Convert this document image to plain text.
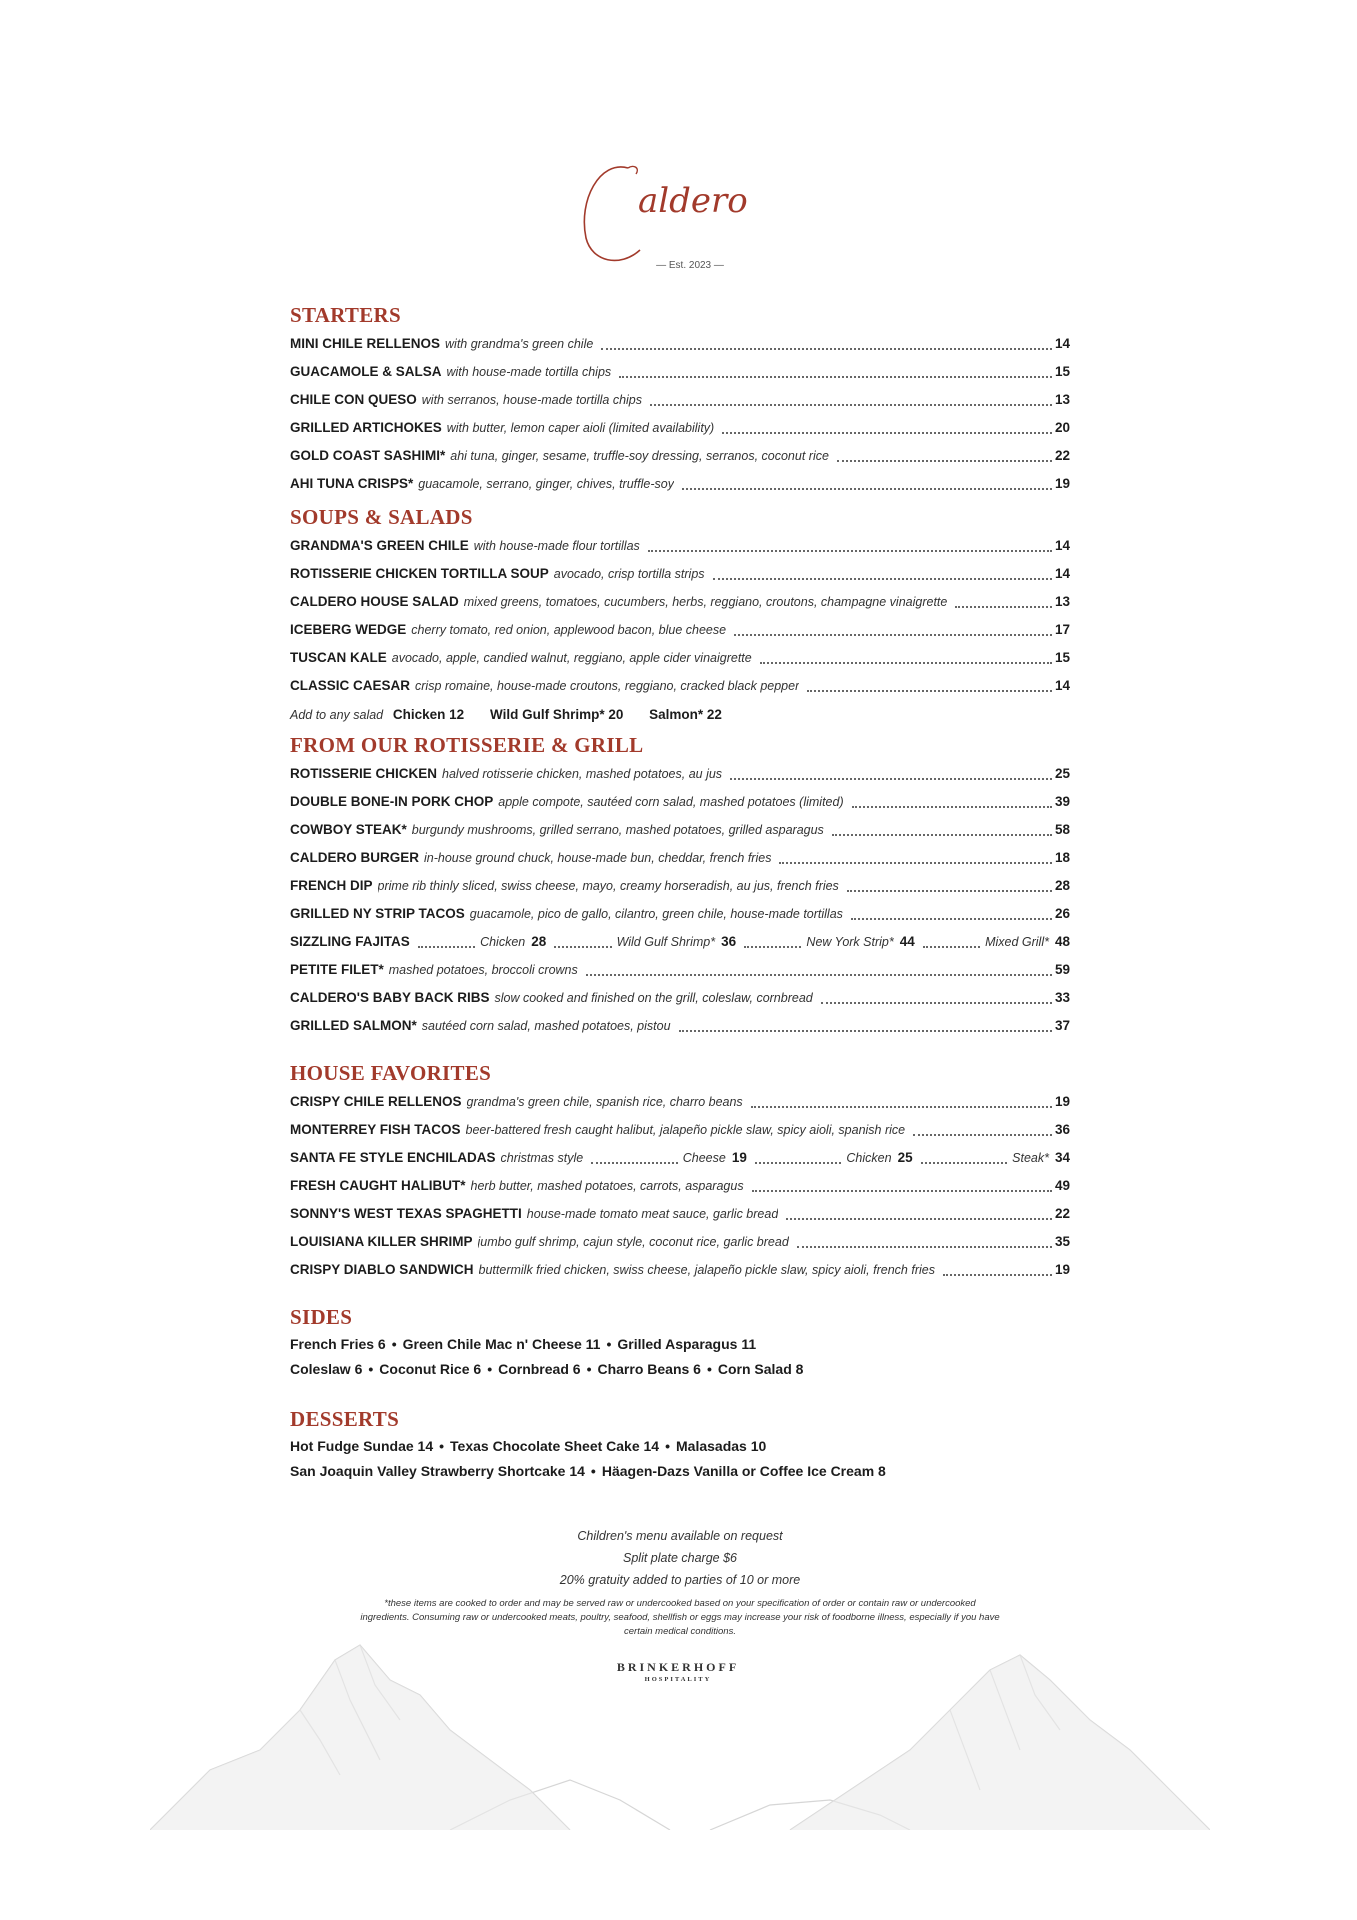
aldero
— Est. 2023 —
STARTERS
MINI CHILE RELLENOS with grandma's green chile	14
GUACAMOLE & SALSA with house-made tortilla chips	15
CHILE CON QUESO with serranos, house-made tortilla chips	13
GRILLED ARTICHOKES with butter, lemon caper aioli (limited availability)	20
GOLD COAST SASHIMI* ahi tuna, ginger, sesame, truffle-soy dressing, serranos, coconut rice	22
AHI TUNA CRISPS* guacamole, serrano, ginger, chives, truffle-soy	19
SOUPS & SALADS
GRANDMA'S GREEN CHILE with house-made flour tortillas	14
ROTISSERIE CHICKEN TORTILLA SOUP avocado, crisp tortilla strips	14
CALDERO HOUSE SALAD mixed greens, tomatoes, cucumbers, herbs, reggiano, croutons, champagne vinaigrette	13
ICEBERG WEDGE cherry tomato, red onion, applewood bacon, blue cheese	17
TUSCAN KALE avocado, apple, candied walnut, reggiano, apple cider vinaigrette	15
CLASSIC CAESAR crisp romaine, house-made croutons, reggiano, cracked black pepper	14
Add to any salad Chicken 12 Wild Gulf Shrimp* 20 Salmon* 22
FROM OUR ROTISSERIE & GRILL
ROTISSERIE CHICKEN halved rotisserie chicken, mashed potatoes, au jus	25
DOUBLE BONE-IN PORK CHOP apple compote, sautéed corn salad, mashed potatoes (limited)	39
COWBOY STEAK* burgundy mushrooms, grilled serrano, mashed potatoes, grilled asparagus	58
CALDERO BURGER in-house ground chuck, house-made bun, cheddar, french fries	18
FRENCH DIP prime rib thinly sliced, swiss cheese, mayo, creamy horseradish, au jus, french fries	28
GRILLED NY STRIP TACOS guacamole, pico de gallo, cilantro, green chile, house-made tortillas	26
SIZZLING FAJITAS	Chicken 28	Wild Gulf Shrimp* 36	New York Strip* 44	Mixed Grill* 48
PETITE FILET* mashed potatoes, broccoli crowns	59
CALDERO'S BABY BACK RIBS slow cooked and finished on the grill, coleslaw, cornbread	33
GRILLED SALMON* sautéed corn salad, mashed potatoes, pistou	37
HOUSE FAVORITES
CRISPY CHILE RELLENOS grandma's green chile, spanish rice, charro beans	19
MONTERREY FISH TACOS beer-battered fresh caught halibut, jalapeño pickle slaw, spicy aioli, spanish rice	36
SANTA FE STYLE ENCHILADAS christmas style	Cheese 19	Chicken 25	Steak* 34
FRESH CAUGHT HALIBUT* herb butter, mashed potatoes, carrots, asparagus	49
SONNY'S WEST TEXAS SPAGHETTI house-made tomato meat sauce, garlic bread	22
LOUISIANA KILLER SHRIMP jumbo gulf shrimp, cajun style, coconut rice, garlic bread	35
CRISPY DIABLO SANDWICH buttermilk fried chicken, swiss cheese, jalapeño pickle slaw, spicy aioli, french fries	19
SIDES
French Fries 6 • Green Chile Mac n' Cheese 11 • Grilled Asparagus 11
Coleslaw 6 • Coconut Rice 6 • Cornbread 6 • Charro Beans 6 • Corn Salad 8
DESSERTS
Hot Fudge Sundae 14 • Texas Chocolate Sheet Cake 14 • Malasadas 10
San Joaquin Valley Strawberry Shortcake 14 • Häagen-Dazs Vanilla or Coffee Ice Cream 8
Children's menu available on request
Split plate charge $6
20% gratuity added to parties of 10 or more
*these items are cooked to order and may be served raw or undercooked based on your specification of order or contain raw or undercooked ingredients. Consuming raw or undercooked meats, poultry, seafood, shellfish or eggs may increase your risk of foodborne illness, especially if you have certain medical conditions.
BRINKERHOFF
HOSPITALITY
